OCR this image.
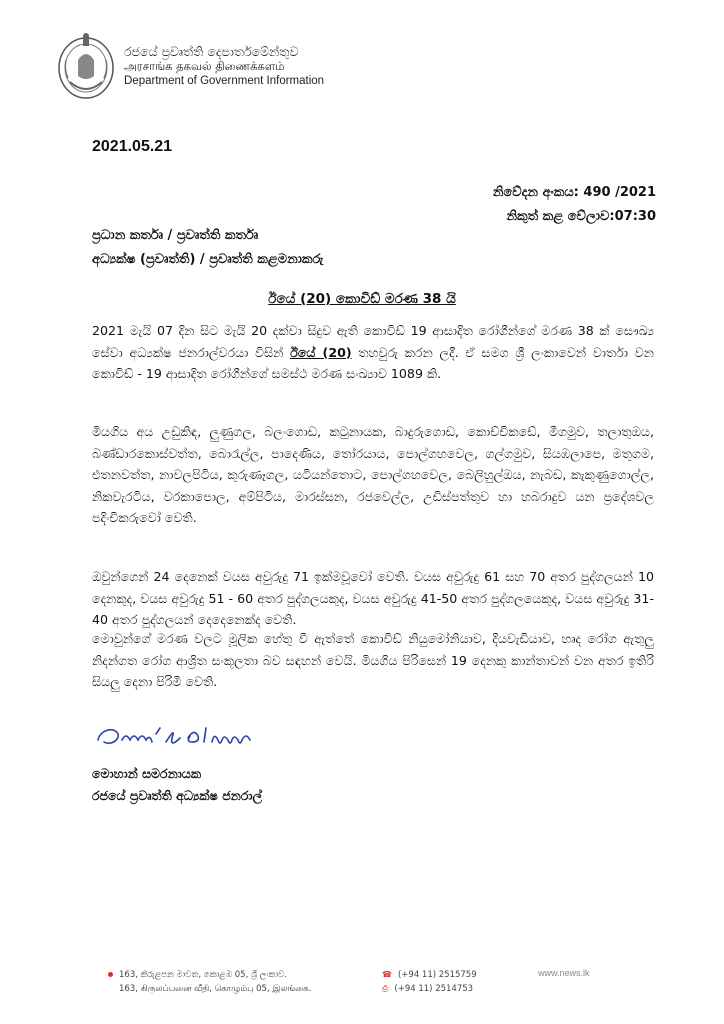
රජයේ ප්‍රවෘත්ති දෙපාර්තමේන්තුව
அரசாங்க தகவல் திணைக்களம்
Department of Government Information
2021.05.21
නිවේදන අංකය: 490 /2021
නිකුත් කළ වේලාව:07:30
ප්‍රධාන කර්තෘ / ප්‍රවෘත්ති කර්තෘ
අධ්‍යක්ෂ (ප්‍රවෘත්ති) / ප්‍රවෘත්ති කළමනාකරු
ඊයේ (20) කොවිඩ් මරණ 38 යි
2021 මැයි 07 දින සිට මැයි 20 දක්වා සිදුව ඇති කොවිඩ් 19 ආසාදිත රෝගීන්ගේ මරණ 38 ක් සෞඛ්‍ය සේවා අධ්‍යක්ෂ ජනරාල්වරයා විසින් ඊයේ (20) තහවුරු කරන ලදී. ඒ සමග ශ්‍රී ලංකාවෙන් වාර්තා වන කොවිඩ් - 19 ආසාදිත රෝගීන්ගේ සමස්ථ මරණ සංඛ්‍යාව 1089 කි.
මියගිය අය උඩුකිඳ, ලුණුගල, බලංගොඩ, කටුනායක, බාදුරුගොඩ, කොච්චිකඩේ, මීගමුව, තලාතුඔය, බණ්ඩාරකොස්වත්ත, බොරැල්ල, පාදෙණිය, තෝරයාය, පොල්ගහවෙල, ගල්ගමුව, සියඹලාපෙ, මතුගම, එතනවත්ත, නාවලපිටිය, කුරුණෑගල, යටියන්තොට, පොල්ගහවෙල, බෙලිහුල්ඔය, නැබඩ, කැකුණුගොල්ල, නිකවැරටිය, වරකාපොල, අම්පිටිය, මාරස්සන, රජවෙල්ල, උඩිස්පත්තුව හා හබරාදුව යන ප්‍රදේශවල පදිංචිකරුවෝ වෙති.
ඔවුන්ගෙන් 24 දෙනෙක් වයස අවුරුදු 71 ඉක්මවූවෝ වෙති. වයස අවුරුදු 61 සහ 70 අතර පුද්ගලයන් 10 දෙනකුද, වයස අවුරුදු 51 - 60 අතර පුද්ගලයකුද, වයස අවුරුදු 41-50 අතර පුද්ගලයෙකුද, වයස අවුරුදු 31-40 අතර පුද්ගලයන් දෙදෙනෙක්ද වෙති.
මොවුන්ගේ මරණ වලට මූලික හේතු වී ඇත්තේ කොවිඩ් නියුමෝනියාව, දියවැඩියාව, හෘද රෝග ඇතුලු නිදන්ගත රෝග ආශ්‍රිත සංකූලතා බව සඳහන් වෙයි. මියගිය පිරිසෙන් 19 දෙනකු කාන්තාවන් වන අතර ඉතිරි සියලු දෙනා පිරිමි වෙති.
මොහාන් සමරනායක
රජයේ ප්‍රවෘත්ති අධ්‍යක්ෂ ජනරාල්
163, කිරුළපන මාවත, කොළඹ 05, ශ්‍රී ලංකාව.
163, கிருலப்பனை வீதி, கொழும்பு 05, இலங்கை.
☎ (+94 11) 2515759
⎙ (+94 11) 2514753
www.news.lk
